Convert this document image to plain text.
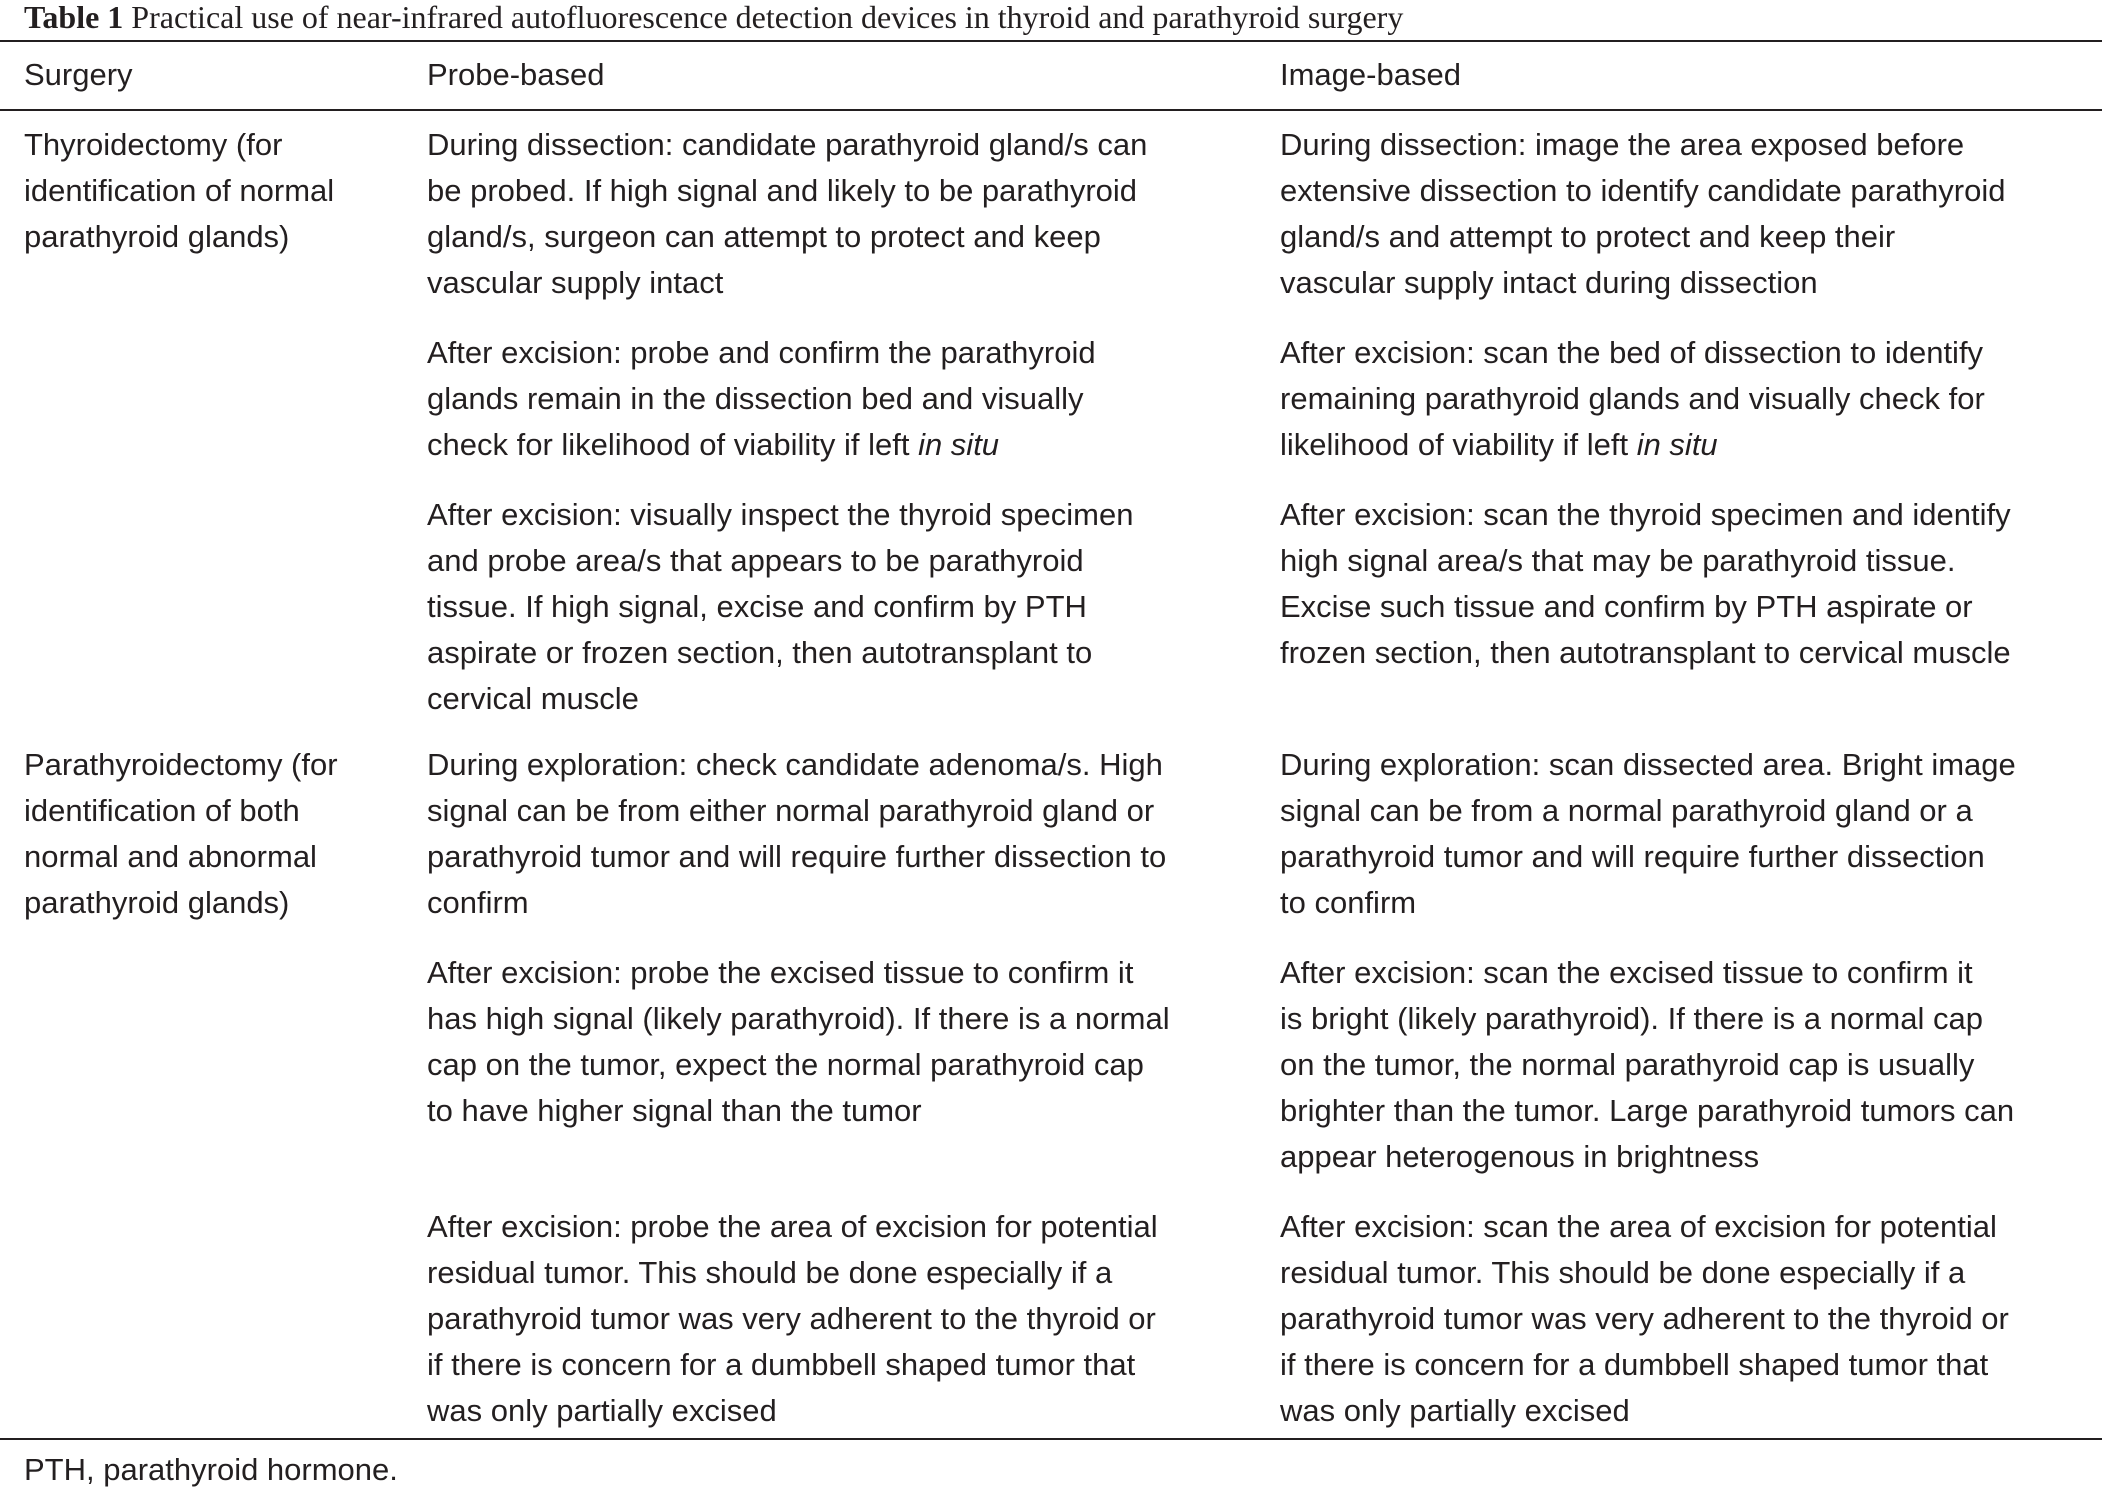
Table 1 Practical use of near-infrared autofluorescence detection devices in thyroid and parathyroid surgery
Surgery	Probe-based	Image-based
Thyroidectomy (for
identification of normal
parathyroid glands)
During dissection: candidate parathyroid gland/s can
be probed. If high signal and likely to be parathyroid
gland/s, surgeon can attempt to protect and keep
vascular supply intact
During dissection: image the area exposed before
extensive dissection to identify candidate parathyroid
gland/s and attempt to protect and keep their
vascular supply intact during dissection
After excision: probe and confirm the parathyroid
glands remain in the dissection bed and visually
check for likelihood of viability if left in situ
After excision: scan the bed of dissection to identify
remaining parathyroid glands and visually check for
likelihood of viability if left in situ
After excision: visually inspect the thyroid specimen
and probe area/s that appears to be parathyroid
tissue. If high signal, excise and confirm by PTH
aspirate or frozen section, then autotransplant to
cervical muscle
After excision: scan the thyroid specimen and identify
high signal area/s that may be parathyroid tissue.
Excise such tissue and confirm by PTH aspirate or
frozen section, then autotransplant to cervical muscle
Parathyroidectomy (for
identification of both
normal and abnormal
parathyroid glands)
During exploration: check candidate adenoma/s. High
signal can be from either normal parathyroid gland or
parathyroid tumor and will require further dissection to
confirm
During exploration: scan dissected area. Bright image
signal can be from a normal parathyroid gland or a
parathyroid tumor and will require further dissection
to confirm
After excision: probe the excised tissue to confirm it
has high signal (likely parathyroid). If there is a normal
cap on the tumor, expect the normal parathyroid cap
to have higher signal than the tumor
After excision: scan the excised tissue to confirm it
is bright (likely parathyroid). If there is a normal cap
on the tumor, the normal parathyroid cap is usually
brighter than the tumor. Large parathyroid tumors can
appear heterogenous in brightness
After excision: probe the area of excision for potential
residual tumor. This should be done especially if a
parathyroid tumor was very adherent to the thyroid or
if there is concern for a dumbbell shaped tumor that
was only partially excised
After excision: scan the area of excision for potential
residual tumor. This should be done especially if a
parathyroid tumor was very adherent to the thyroid or
if there is concern for a dumbbell shaped tumor that
was only partially excised
PTH, parathyroid hormone.
